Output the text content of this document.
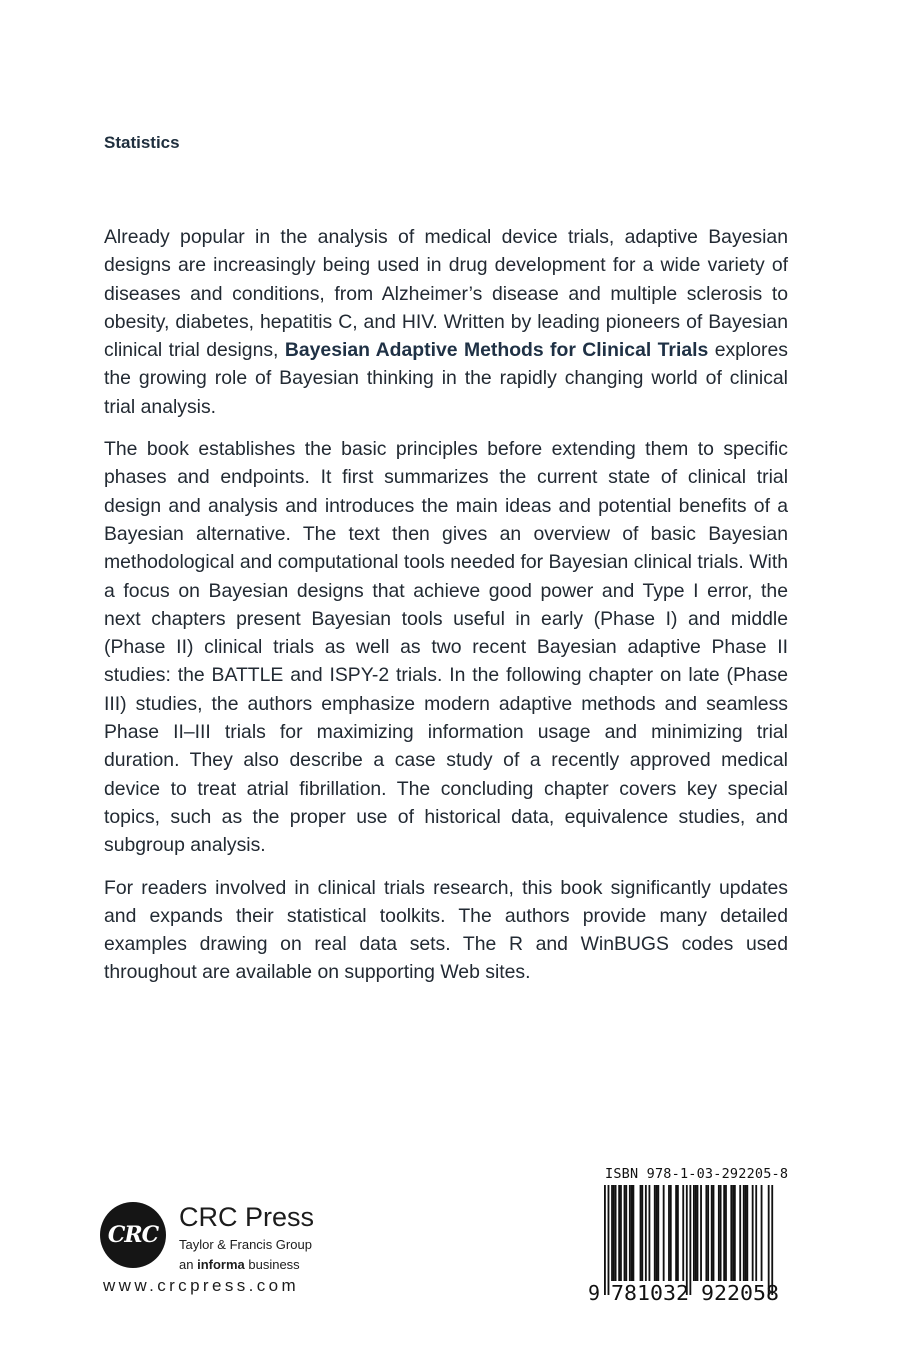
Statistics

Already popular in the analysis of medical device trials, adaptive Bayesian designs are increasingly being used in drug development for a wide variety of diseases and conditions, from Alzheimer’s disease and multiple sclerosis to obesity, diabetes, hepatitis C, and HIV. Written by leading pioneers of Bayesian clinical trial designs, Bayesian Adaptive Methods for Clinical Trials explores the growing role of Bayesian thinking in the rapidly changing world of clinical trial analysis.

The book establishes the basic principles before extending them to specific phases and endpoints. It first summarizes the current state of clinical trial design and analysis and introduces the main ideas and potential benefits of a Bayesian alternative. The text then gives an overview of basic Bayesian methodological and computational tools needed for Bayesian clinical trials. With a focus on Bayesian designs that achieve good power and Type I error, the next chapters present Bayesian tools useful in early (Phase I) and middle (Phase II) clinical trials as well as two recent Bayesian adaptive Phase II studies: the BATTLE and ISPY-2 trials. In the following chapter on late (Phase III) studies, the authors emphasize modern adaptive methods and seamless Phase II–III trials for maximizing information usage and minimizing trial duration. They also describe a case study of a recently approved medical device to treat atrial fibrillation. The concluding chapter covers key special topics, such as the proper use of historical data, equivalence studies, and subgroup analysis.

For readers involved in clinical trials research, this book significantly updates and expands their statistical toolkits. The authors provide many detailed examples drawing on real data sets. The R and WinBUGS codes used throughout are available on supporting Web sites.

CRC
CRC Press
Taylor & Francis Group
an informa business
www.crcpress.com
ISBN 978-1-03-292205-8
9 781032 922058
